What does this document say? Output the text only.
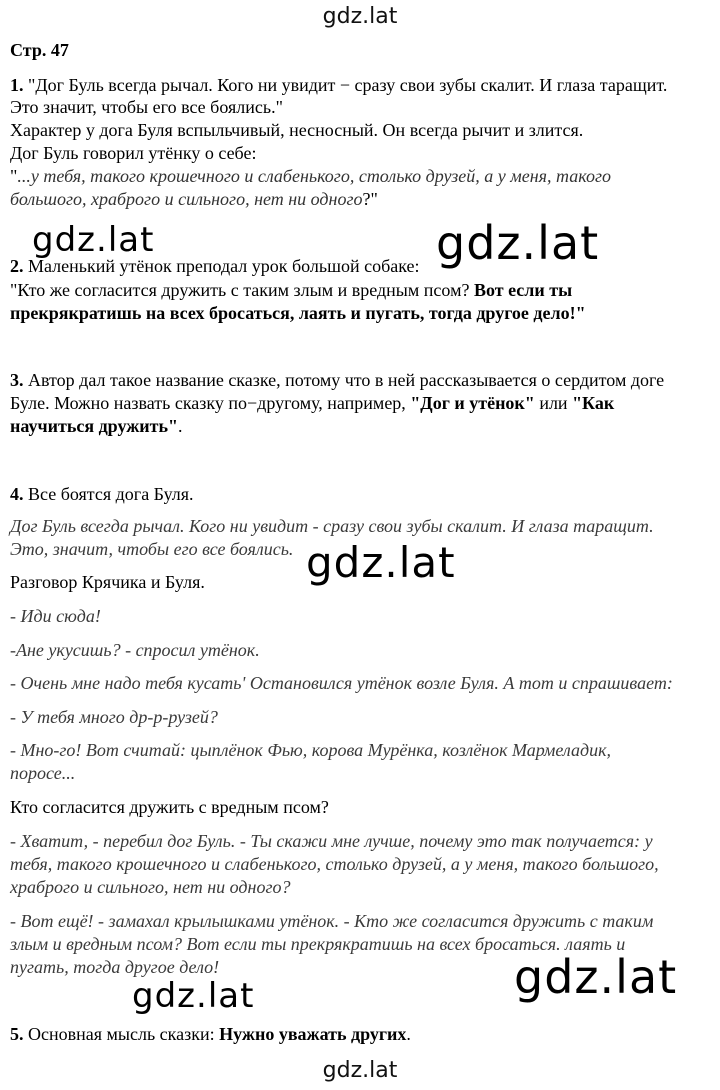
gdz.lat
gdz.lat	gdz.lat
gdz.lat
gdz.lat
gdz.lat
gdz.lat
Стр. 47
1. "Дог Буль всегда рычал. Кого ни увидит − сразу свои зубы скалит. И глаза таращит.
Это значит, чтобы его все боялись."
Характер у дога Буля вспыльчивый, несносный. Он всегда рычит и злится.
Дог Буль говорил утёнку о себе:
"...у тебя, такого крошечного и слабенького, столько друзей, а у меня, такого
большого, храброго и сильного, нет ни одного?"
2. Маленький утёнок преподал урок большой собаке:
"Кто же согласится дружить с таким злым и вредным псом? Вот если ты
прекрякратишь на всех бросаться, лаять и пугать, тогда другое дело!"
3. Автор дал такое название сказке, потому что в ней рассказывается о сердитом доге
Буле. Можно назвать сказку по−другому, например, "Дог и утёнок" или "Как
научиться дружить".
4. Все боятся дога Буля.
Дог Буль всегда рычал. Кого ни увидит - сразу свои зубы скалит. И глаза таращит.
Это, значит, чтобы его все боялись.
Разговор Крячика и Буля.
- Иди сюда!
-Ане укусишь? - спросил утёнок.
- Очень мне надо тебя кусать' Остановился утёнок возле Буля. А тот и спрашивает:
- У тебя много др-р-рузей?
- Мно-го! Вот считай: цыплёнок Фью, корова Мурёнка, козлёнок Мармеладик,
поросе...
Кто согласится дружить с вредным псом?
- Хватит, - перебил дог Буль. - Ты скажи мне лучше, почему это так получается: у
тебя, такого крошечного и слабенького, столько друзей, а у меня, такого большого,
храброго и сильного, нет ни одного?
- Вот ещё! - замахал крылышками утёнок. - Кто же согласится дружить с таким
злым и вредным псом? Вот если ты прекрякратишь на всех бросаться. лаять и
пугать, тогда другое дело!
5. Основная мысль сказки: Нужно уважать других.
